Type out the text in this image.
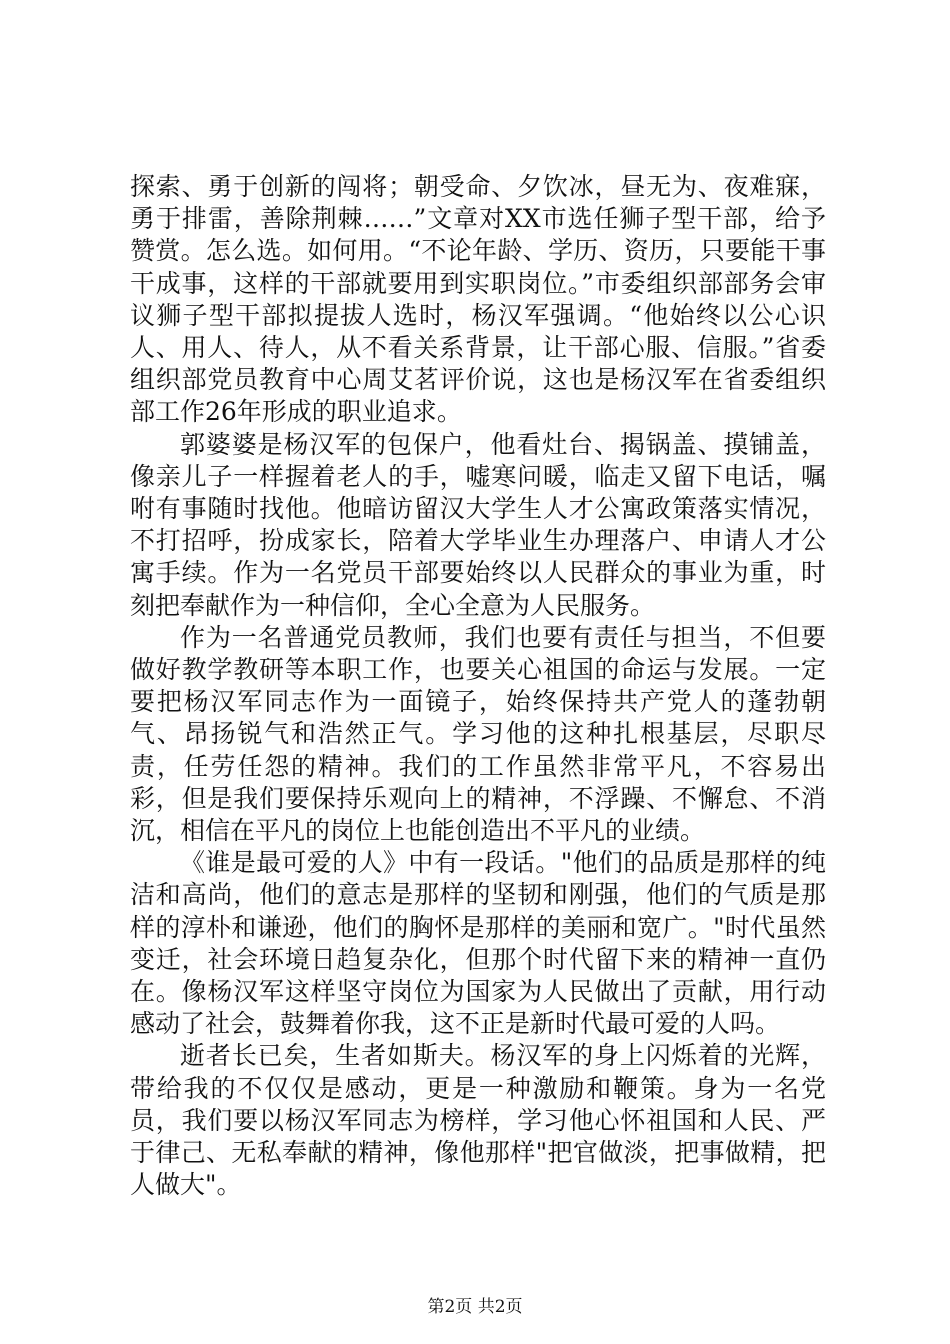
探索、勇于创新的闯将；朝受命、夕饮冰，昼无为、夜难寐，勇于排雷，善除荆棘……”文章对XX市选任狮子型干部，给予赞赏。怎么选。如何用。“不论年龄、学历、资历，只要能干事干成事，这样的干部就要用到实职岗位。”市委组织部部务会审议狮子型干部拟提拔人选时，杨汉军强调。“他始终以公心识人、用人、待人，从不看关系背景，让干部心服、信服。”省委组织部党员教育中心周艾茗评价说，这也是杨汉军在省委组织部工作26年形成的职业追求。

郭婆婆是杨汉军的包保户，他看灶台、揭锅盖、摸铺盖，像亲儿子一样握着老人的手，嘘寒问暖，临走又留下电话，嘱咐有事随时找他。他暗访留汉大学生人才公寓政策落实情况，不打招呼，扮成家长，陪着大学毕业生办理落户、申请人才公寓手续。作为一名党员干部要始终以人民群众的事业为重，时刻把奉献作为一种信仰，全心全意为人民服务。

作为一名普通党员教师，我们也要有责任与担当，不但要做好教学教研等本职工作，也要关心祖国的命运与发展。一定要把杨汉军同志作为一面镜子，始终保持共产党人的蓬勃朝气、昂扬锐气和浩然正气。学习他的这种扎根基层，尽职尽责，任劳任怨的精神。我们的工作虽然非常平凡，不容易出彩，但是我们要保持乐观向上的精神，不浮躁、不懈怠、不消沉，相信在平凡的岗位上也能创造出不平凡的业绩。

《谁是最可爱的人》中有一段话。"他们的品质是那样的纯洁和高尚，他们的意志是那样的坚韧和刚强，他们的气质是那样的淳朴和谦逊，他们的胸怀是那样的美丽和宽广。"时代虽然变迁，社会环境日趋复杂化，但那个时代留下来的精神一直仍在。像杨汉军这样坚守岗位为国家为人民做出了贡献，用行动感动了社会，鼓舞着你我，这不正是新时代最可爱的人吗。

逝者长已矣，生者如斯夫。杨汉军的身上闪烁着的光辉，带给我的不仅仅是感动，更是一种激励和鞭策。身为一名党员，我们要以杨汉军同志为榜样，学习他心怀祖国和人民、严于律己、无私奉献的精神，像他那样"把官做淡，把事做精，把人做大"。

第2页 共2页
